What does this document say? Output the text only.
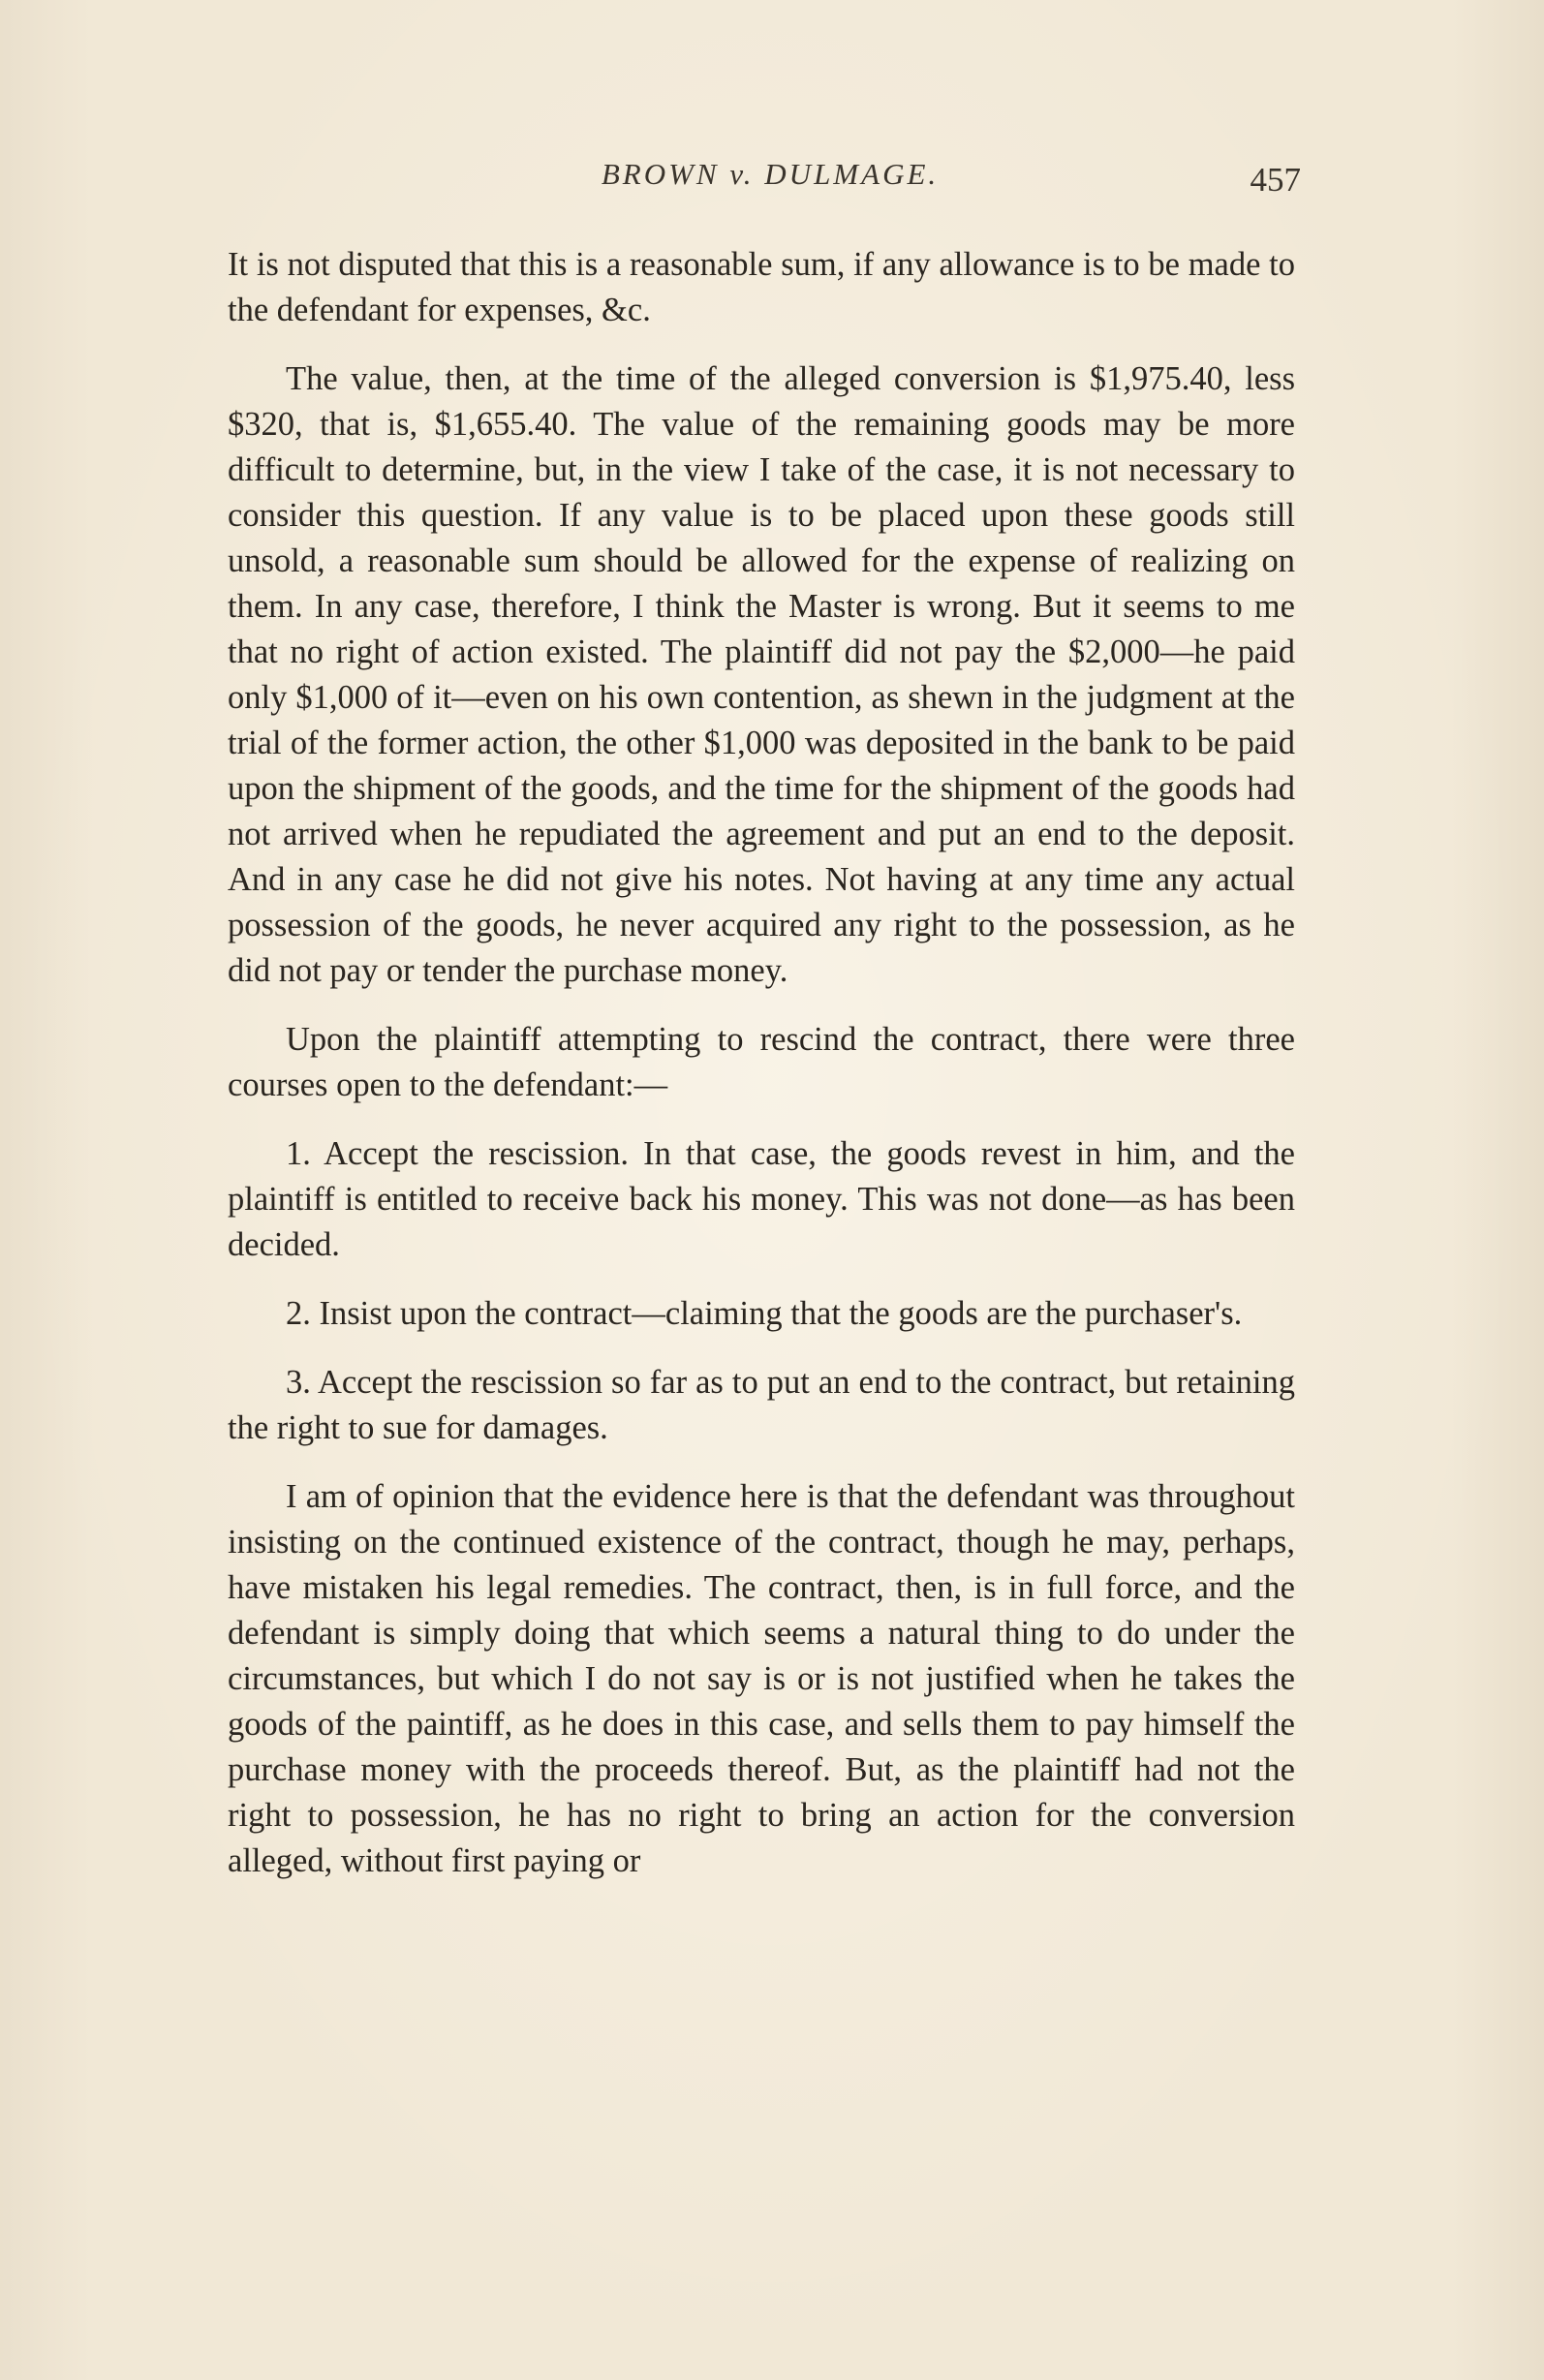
BROWN v. DULMAGE.	457

It is not disputed that this is a reasonable sum, if any allowance is to be made to the defendant for expenses, &c.

The value, then, at the time of the alleged conversion is $1,975.40, less $320, that is, $1,655.40. The value of the remaining goods may be more difficult to determine, but, in the view I take of the case, it is not necessary to consider this question. If any value is to be placed upon these goods still unsold, a reasonable sum should be allowed for the expense of realizing on them. In any case, therefore, I think the Master is wrong. But it seems to me that no right of action existed. The plaintiff did not pay the $2,000—he paid only $1,000 of it—even on his own contention, as shewn in the judgment at the trial of the former action, the other $1,000 was deposited in the bank to be paid upon the shipment of the goods, and the time for the shipment of the goods had not arrived when he repudiated the agreement and put an end to the deposit. And in any case he did not give his notes. Not having at any time any actual possession of the goods, he never acquired any right to the possession, as he did not pay or tender the purchase money.

Upon the plaintiff attempting to rescind the contract, there were three courses open to the defendant:—

1. Accept the rescission. In that case, the goods revest in him, and the plaintiff is entitled to receive back his money. This was not done—as has been decided.

2. Insist upon the contract—claiming that the goods are the purchaser's.

3. Accept the rescission so far as to put an end to the contract, but retaining the right to sue for damages.

I am of opinion that the evidence here is that the defendant was throughout insisting on the continued existence of the contract, though he may, perhaps, have mistaken his legal remedies. The contract, then, is in full force, and the defendant is simply doing that which seems a natural thing to do under the circumstances, but which I do not say is or is not justified when he takes the goods of the paintiff, as he does in this case, and sells them to pay himself the purchase money with the proceeds thereof. But, as the plaintiff had not the right to possession, he has no right to bring an action for the conversion alleged, without first paying or
